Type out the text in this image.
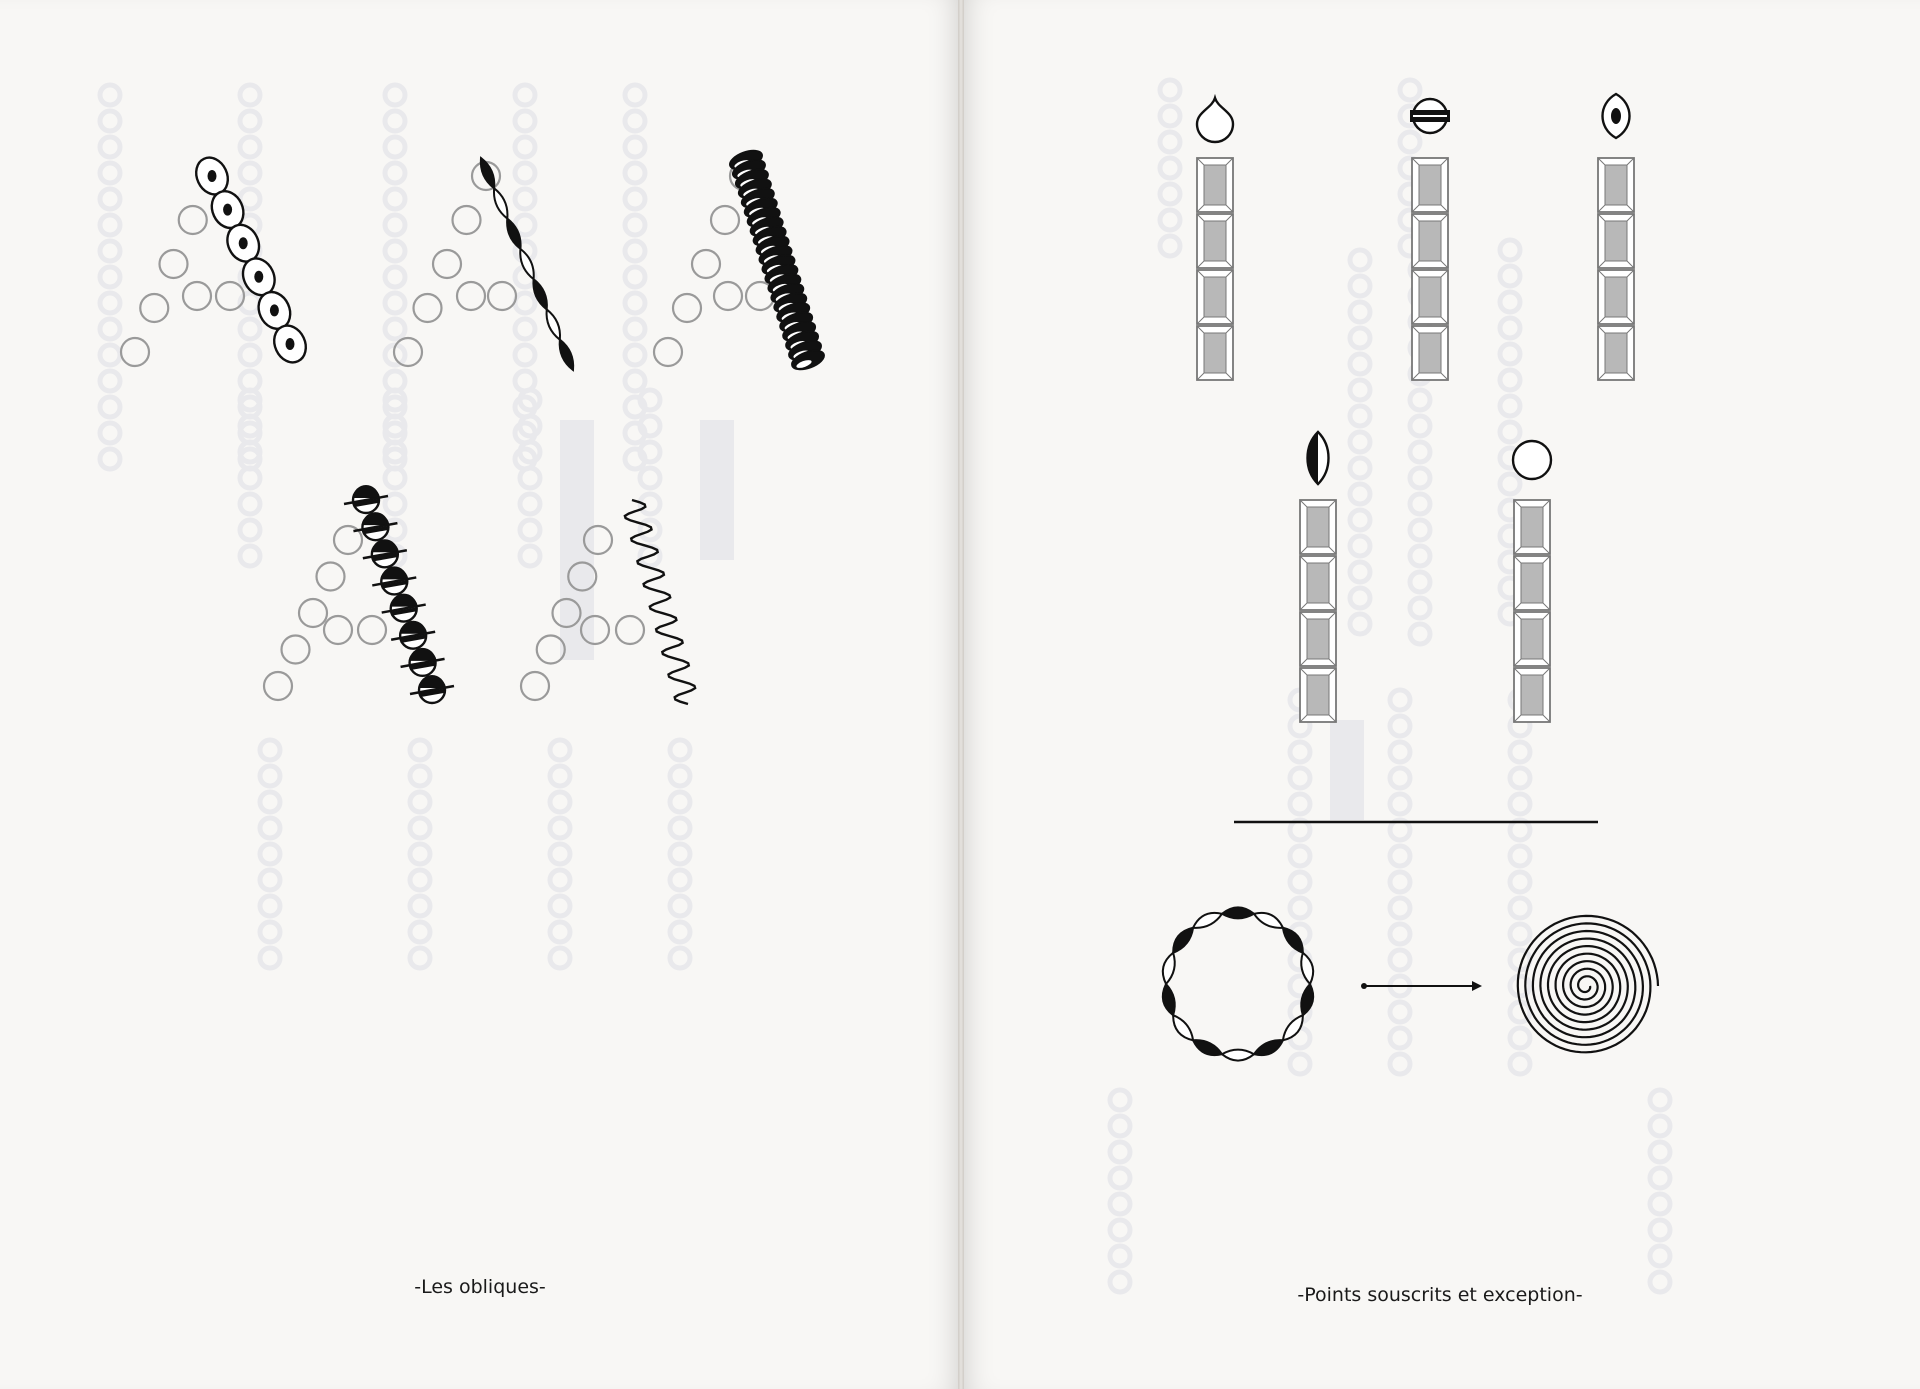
-Les obliques-	-Points souscrits et exception-
